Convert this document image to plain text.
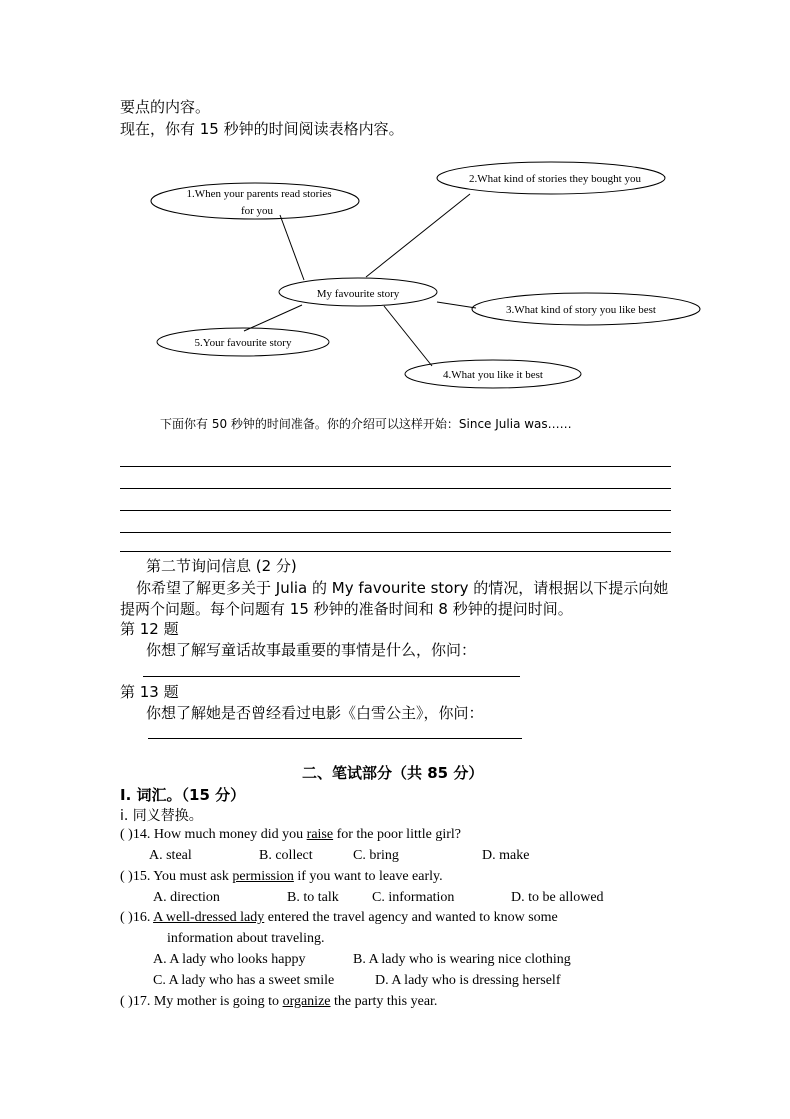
要点的内容。
现在，你有 15 秒钟的时间阅读表格内容。
1.When your parents read stories
for you
2.What kind of stories they bought you
My favourite story
3.What kind of story you like best
5.Your favourite story
4.What you like it best
下面你有 50 秒钟的时间准备。你的介绍可以这样开始：Since Julia was……
第二节询问信息 (2 分)
你希望了解更多关于 Julia 的 My favourite story 的情况，请根据以下提示向她
提两个问题。每个问题有 15 秒钟的准备时间和 8 秒钟的提问时间。
第 12 题
你想了解写童话故事最重要的事情是什么，你问：
第 13 题
你想了解她是否曾经看过电影《白雪公主》，你问：
二、笔试部分（共 85 分）
I. 词汇。（15 分）
i. 同义替换。
( )14. How much money did you raise for the poor little girl?
A. steal	B. collect	C. bring	D. make
( )15. You must ask permission if you want to leave early.
A. direction	B. to talk C. information	D. to be allowed
( )16. A well-dressed lady entered the travel agency and wanted to know some
information about traveling.
A. A lady who looks happy	B. A lady who is wearing nice clothing
C. A lady who has a sweet smile	D. A lady who is dressing herself
( )17. My mother is going to organize the party this year.
